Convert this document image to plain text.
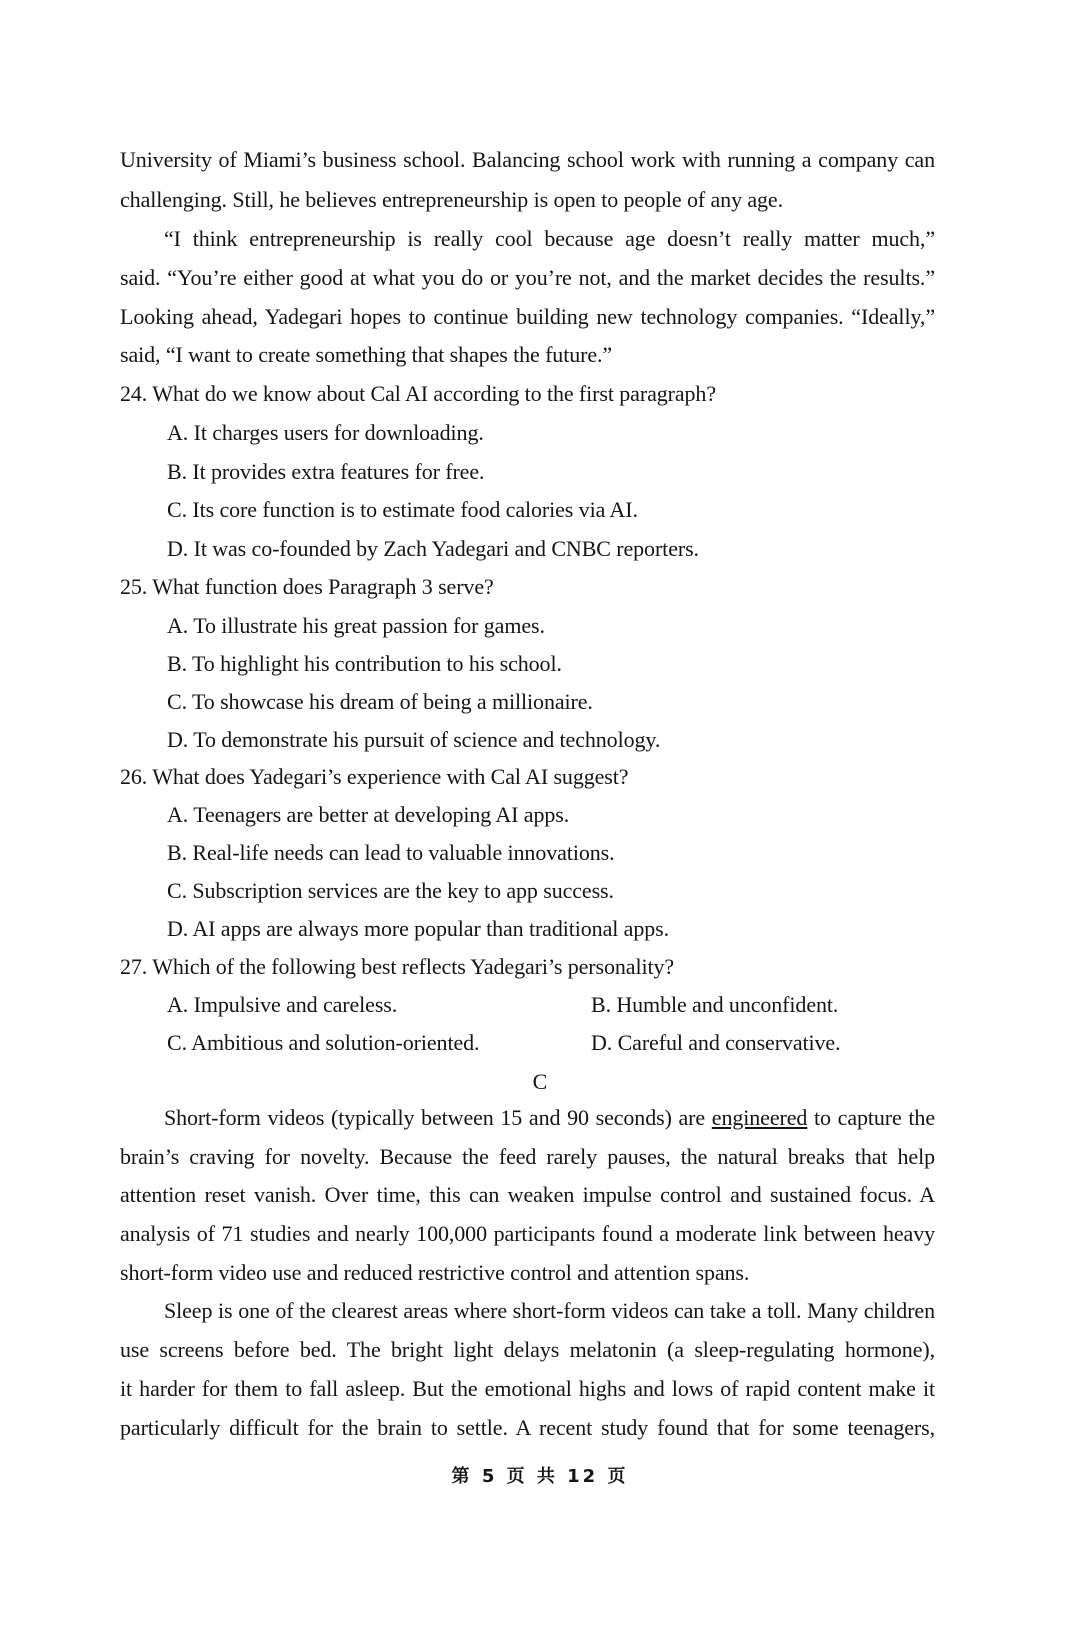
University of Miami’s business school. Balancing school work with running a company can
challenging. Still, he believes entrepreneurship is open to people of any age.
“I think entrepreneurship is really cool because age doesn’t really matter much,”
said. “You’re either good at what you do or you’re not, and the market decides the results.”
Looking ahead, Yadegari hopes to continue building new technology companies. “Ideally,”
said, “I want to create something that shapes the future.”
24. What do we know about Cal AI according to the first paragraph?
A. It charges users for downloading.
B. It provides extra features for free.
C. Its core function is to estimate food calories via AI.
D. It was co-founded by Zach Yadegari and CNBC reporters.
25. What function does Paragraph 3 serve?
A. To illustrate his great passion for games.
B. To highlight his contribution to his school.
C. To showcase his dream of being a millionaire.
D. To demonstrate his pursuit of science and technology.
26. What does Yadegari’s experience with Cal AI suggest?
A. Teenagers are better at developing AI apps.
B. Real-life needs can lead to valuable innovations.
C. Subscription services are the key to app success.
D. AI apps are always more popular than traditional apps.
27. Which of the following best reflects Yadegari’s personality?
A. Impulsive and careless.	B. Humble and unconfident.
C. Ambitious and solution-oriented.	D. Careful and conservative.
C
Short-form videos (typically between 15 and 90 seconds) are engineered to capture the
brain’s craving for novelty. Because the feed rarely pauses, the natural breaks that help
attention reset vanish. Over time, this can weaken impulse control and sustained focus. A
analysis of 71 studies and nearly 100,000 participants found a moderate link between heavy
short-form video use and reduced restrictive control and attention spans.
Sleep is one of the clearest areas where short-form videos can take a toll. Many children
use screens before bed. The bright light delays melatonin (a sleep-regulating hormone),
it harder for them to fall asleep. But the emotional highs and lows of rapid content make it
particularly difficult for the brain to settle. A recent study found that for some teenagers,
第 5 页 共 12 页
